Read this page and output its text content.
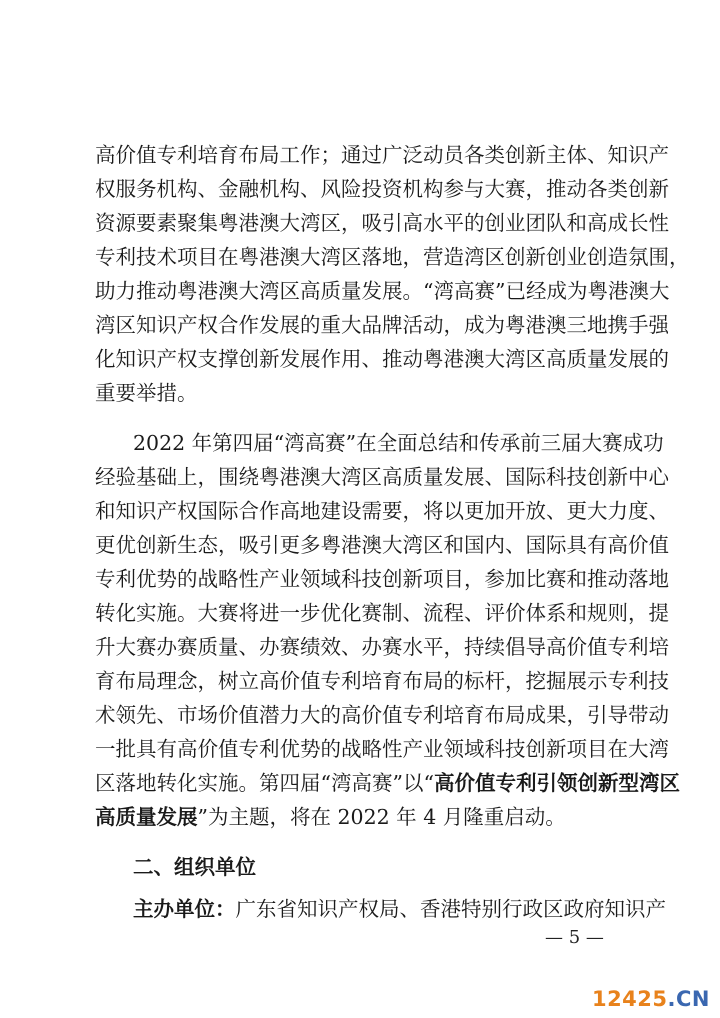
高价值专利培育布局工作；通过广泛动员各类创新主体、知识产
权服务机构、金融机构、风险投资机构参与大赛，推动各类创新
资源要素聚集粤港澳大湾区，吸引高水平的创业团队和高成长性
专利技术项目在粤港澳大湾区落地，营造湾区创新创业创造氛围，
助力推动粤港澳大湾区高质量发展。“湾高赛”已经成为粤港澳大
湾区知识产权合作发展的重大品牌活动，成为粤港澳三地携手强
化知识产权支撑创新发展作用、推动粤港澳大湾区高质量发展的
重要举措。
2022 年第四届“湾高赛”在全面总结和传承前三届大赛成功
经验基础上，围绕粤港澳大湾区高质量发展、国际科技创新中心
和知识产权国际合作高地建设需要，将以更加开放、更大力度、
更优创新生态，吸引更多粤港澳大湾区和国内、国际具有高价值
专利优势的战略性产业领域科技创新项目，参加比赛和推动落地
转化实施。大赛将进一步优化赛制、流程、评价体系和规则，提
升大赛办赛质量、办赛绩效、办赛水平，持续倡导高价值专利培
育布局理念，树立高价值专利培育布局的标杆，挖掘展示专利技
术领先、市场价值潜力大的高价值专利培育布局成果，引导带动
一批具有高价值专利优势的战略性产业领域科技创新项目在大湾
区落地转化实施。第四届“湾高赛”以“高价值专利引领创新型湾区
高质量发展”为主题，将在 2022 年 4 月隆重启动。
二、组织单位
主办单位：广东省知识产权局、香港特别行政区政府知识产
— 5 —
12425.CN
